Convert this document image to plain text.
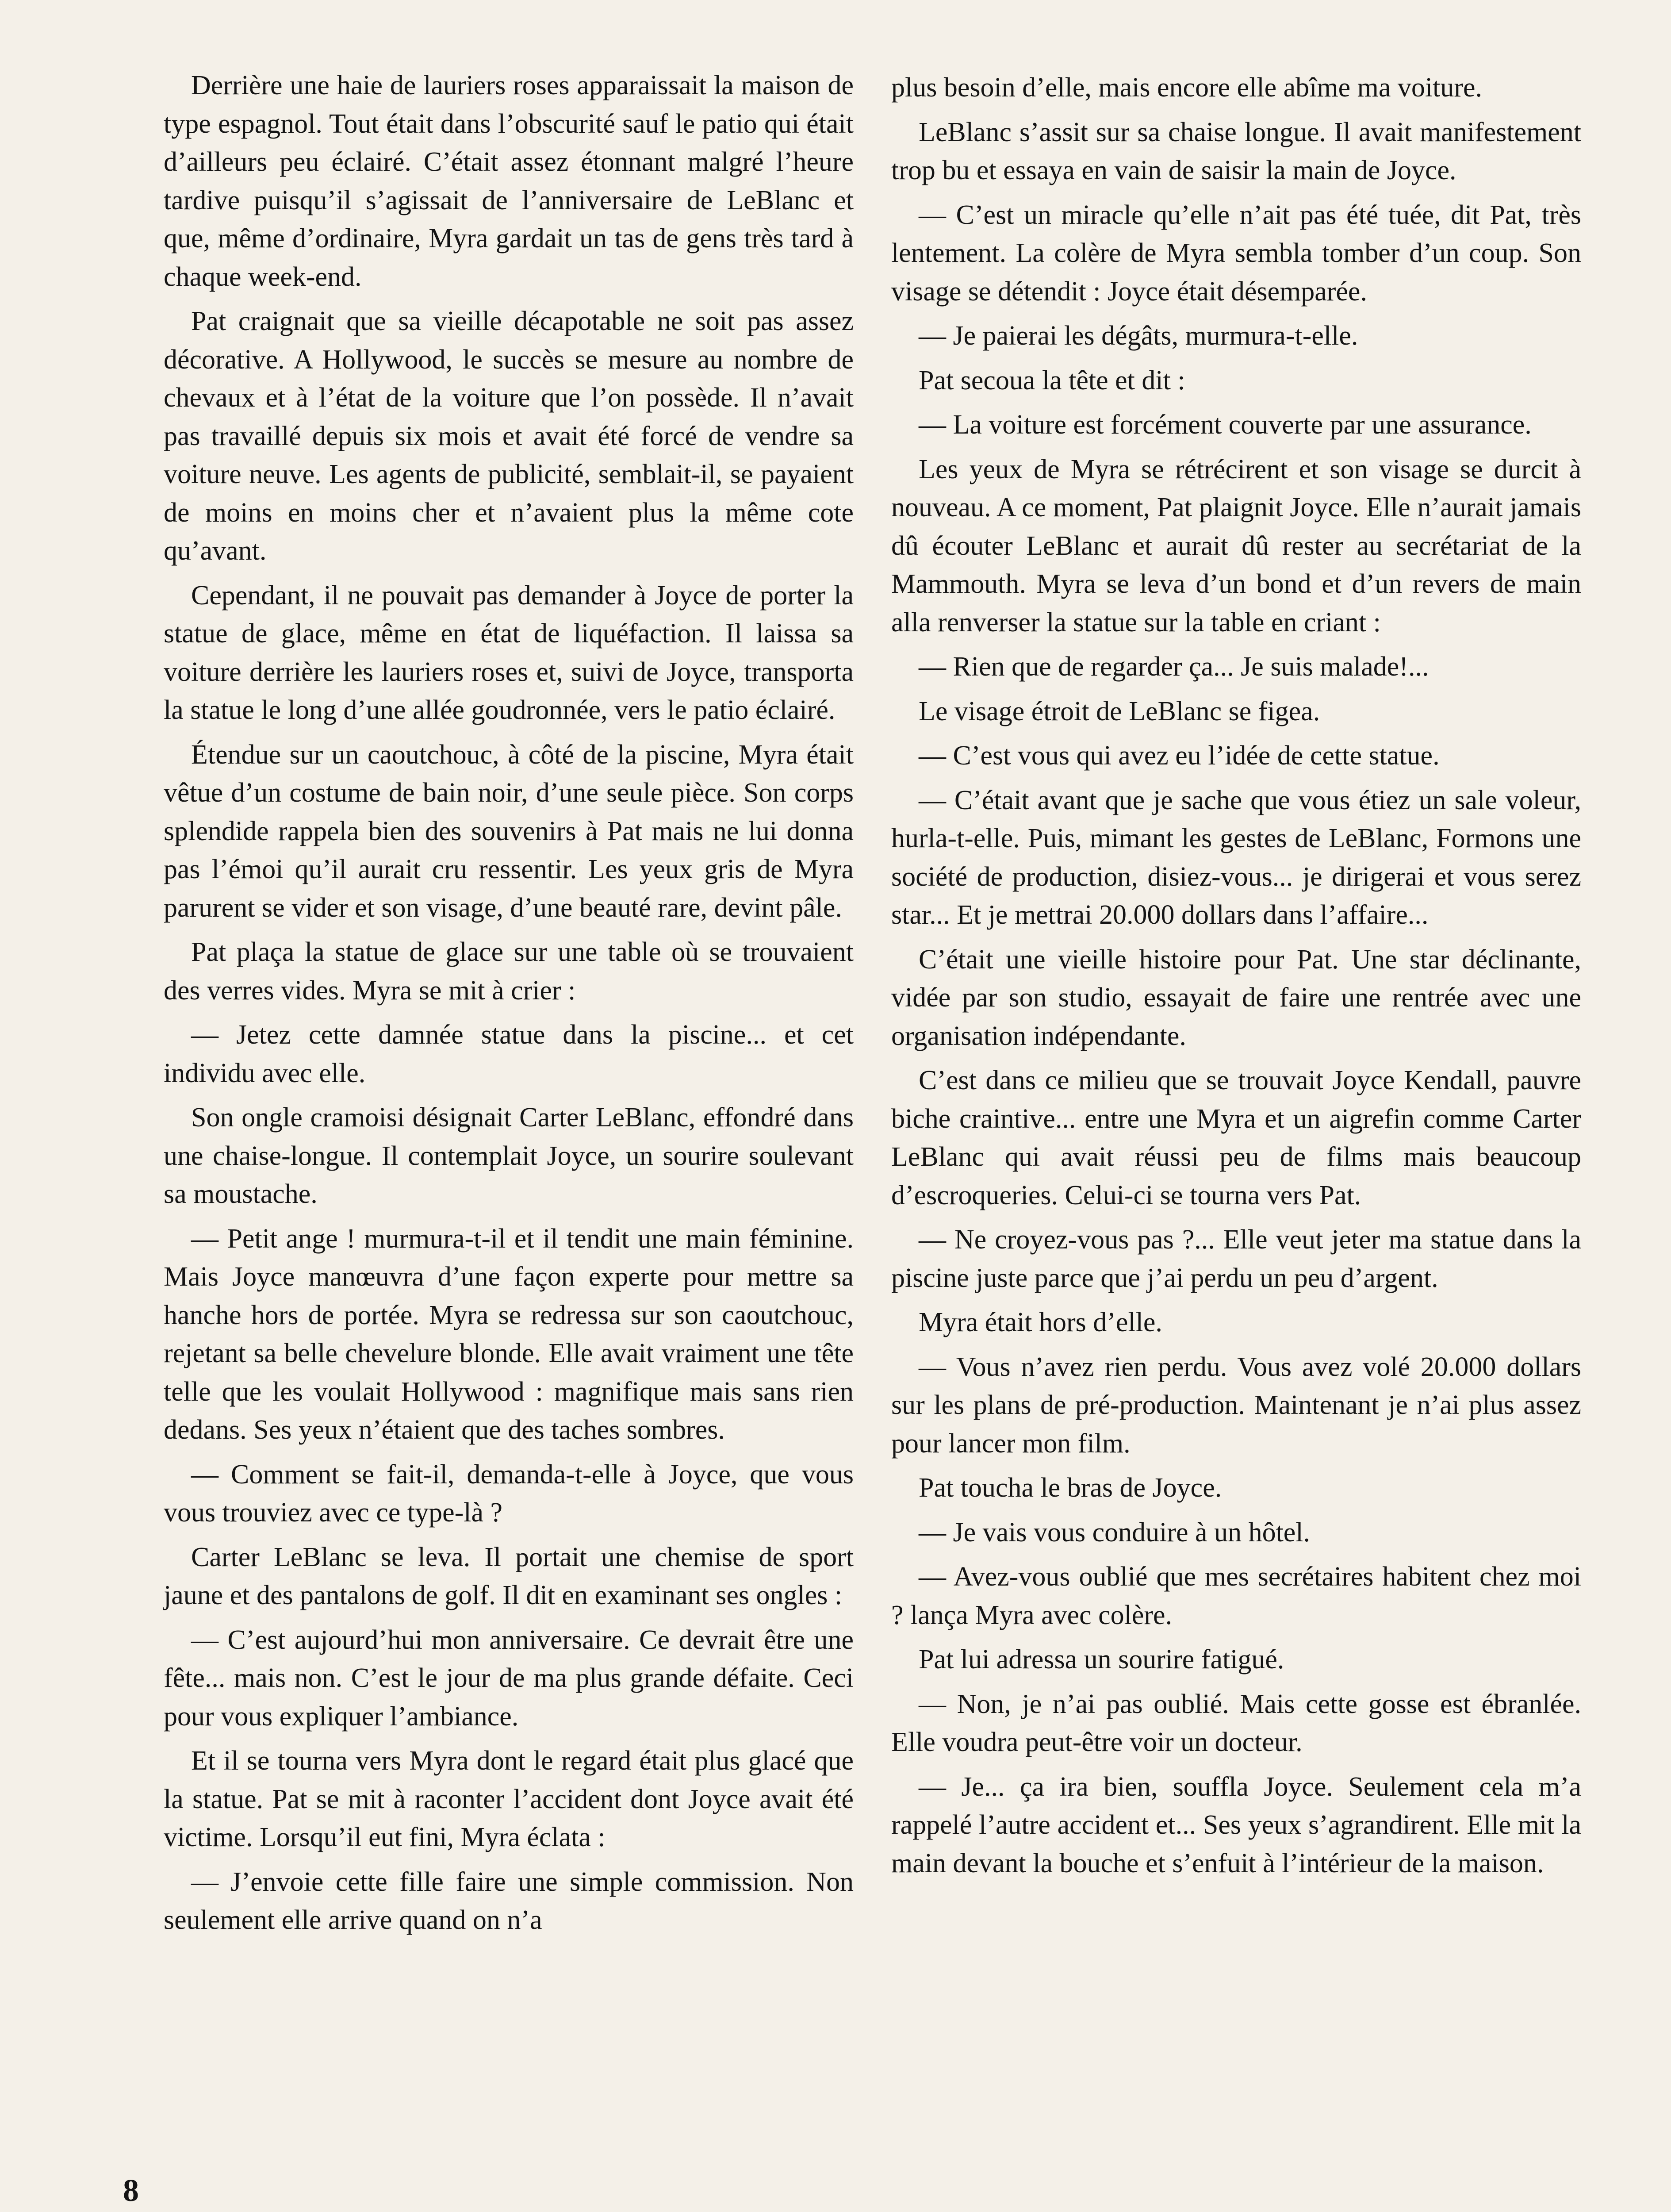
Derrière une haie de lauriers roses apparaissait la maison de type espagnol. Tout était dans l’obscurité sauf le patio qui était d’ailleurs peu éclairé. C’était assez étonnant malgré l’heure tardive puisqu’il s’agissait de l’anniversaire de LeBlanc et que, même d’ordinaire, Myra gardait un tas de gens très tard à chaque week-end.

Pat craignait que sa vieille décapotable ne soit pas assez décorative. A Hollywood, le succès se mesure au nombre de chevaux et à l’état de la voiture que l’on possède. Il n’avait pas travaillé depuis six mois et avait été forcé de vendre sa voiture neuve. Les agents de publicité, semblait-il, se payaient de moins en moins cher et n’avaient plus la même cote qu’avant.

Cependant, il ne pouvait pas demander à Joyce de porter la statue de glace, même en état de liquéfaction. Il laissa sa voiture derrière les lauriers roses et, suivi de Joyce, transporta la statue le long d’une allée goudronnée, vers le patio éclairé.

Étendue sur un caoutchouc, à côté de la piscine, Myra était vêtue d’un costume de bain noir, d’une seule pièce. Son corps splendide rappela bien des souvenirs à Pat mais ne lui donna pas l’émoi qu’il aurait cru ressentir. Les yeux gris de Myra parurent se vider et son visage, d’une beauté rare, devint pâle.

Pat plaça la statue de glace sur une table où se trouvaient des verres vides. Myra se mit à crier :

— Jetez cette damnée statue dans la piscine... et cet individu avec elle.

Son ongle cramoisi désignait Carter LeBlanc, effondré dans une chaise-longue. Il contemplait Joyce, un sourire soulevant sa moustache.

— Petit ange ! murmura-t-il et il tendit une main féminine. Mais Joyce manœuvra d’une façon experte pour mettre sa hanche hors de portée. Myra se redressa sur son caoutchouc, rejetant sa belle chevelure blonde. Elle avait vraiment une tête telle que les voulait Hollywood : magnifique mais sans rien dedans. Ses yeux n’étaient que des taches sombres.

— Comment se fait-il, demanda-t-elle à Joyce, que vous vous trouviez avec ce type-là ?

Carter LeBlanc se leva. Il portait une chemise de sport jaune et des pantalons de golf. Il dit en examinant ses ongles :

— C’est aujourd’hui mon anniversaire. Ce devrait être une fête... mais non. C’est le jour de ma plus grande défaite. Ceci pour vous expliquer l’ambiance.

Et il se tourna vers Myra dont le regard était plus glacé que la statue. Pat se mit à raconter l’accident dont Joyce avait été victime. Lorsqu’il eut fini, Myra éclata :

— J’envoie cette fille faire une simple commission. Non seulement elle arrive quand on n’a

plus besoin d’elle, mais encore elle abîme ma voiture.

LeBlanc s’assit sur sa chaise longue. Il avait manifestement trop bu et essaya en vain de saisir la main de Joyce.

— C’est un miracle qu’elle n’ait pas été tuée, dit Pat, très lentement. La colère de Myra sembla tomber d’un coup. Son visage se détendit : Joyce était désemparée.

— Je paierai les dégâts, murmura-t-elle.

Pat secoua la tête et dit :

— La voiture est forcément couverte par une assurance.

Les yeux de Myra se rétrécirent et son visage se durcit à nouveau. A ce moment, Pat plaignit Joyce. Elle n’aurait jamais dû écouter LeBlanc et aurait dû rester au secrétariat de la Mammouth. Myra se leva d’un bond et d’un revers de main alla renverser la statue sur la table en criant :

— Rien que de regarder ça... Je suis malade!...

Le visage étroit de LeBlanc se figea.

— C’est vous qui avez eu l’idée de cette statue.

— C’était avant que je sache que vous étiez un sale voleur, hurla-t-elle. Puis, mimant les gestes de LeBlanc, Formons une société de production, disiez-vous... je dirigerai et vous serez star... Et je mettrai 20.000 dollars dans l’affaire...

C’était une vieille histoire pour Pat. Une star déclinante, vidée par son studio, essayait de faire une rentrée avec une organisation indépendante.

C’est dans ce milieu que se trouvait Joyce Kendall, pauvre biche craintive... entre une Myra et un aigrefin comme Carter LeBlanc qui avait réussi peu de films mais beaucoup d’escroqueries. Celui-ci se tourna vers Pat.

— Ne croyez-vous pas ?... Elle veut jeter ma statue dans la piscine juste parce que j’ai perdu un peu d’argent.

Myra était hors d’elle.

— Vous n’avez rien perdu. Vous avez volé 20.000 dollars sur les plans de pré-production. Maintenant je n’ai plus assez pour lancer mon film.

Pat toucha le bras de Joyce.

— Je vais vous conduire à un hôtel.

— Avez-vous oublié que mes secrétaires habitent chez moi ? lança Myra avec colère.

Pat lui adressa un sourire fatigué.

— Non, je n’ai pas oublié. Mais cette gosse est ébranlée. Elle voudra peut-être voir un docteur.

— Je... ça ira bien, souffla Joyce. Seulement cela m’a rappelé l’autre accident et... Ses yeux s’agrandirent. Elle mit la main devant la bouche et s’enfuit à l’intérieur de la maison.

8
